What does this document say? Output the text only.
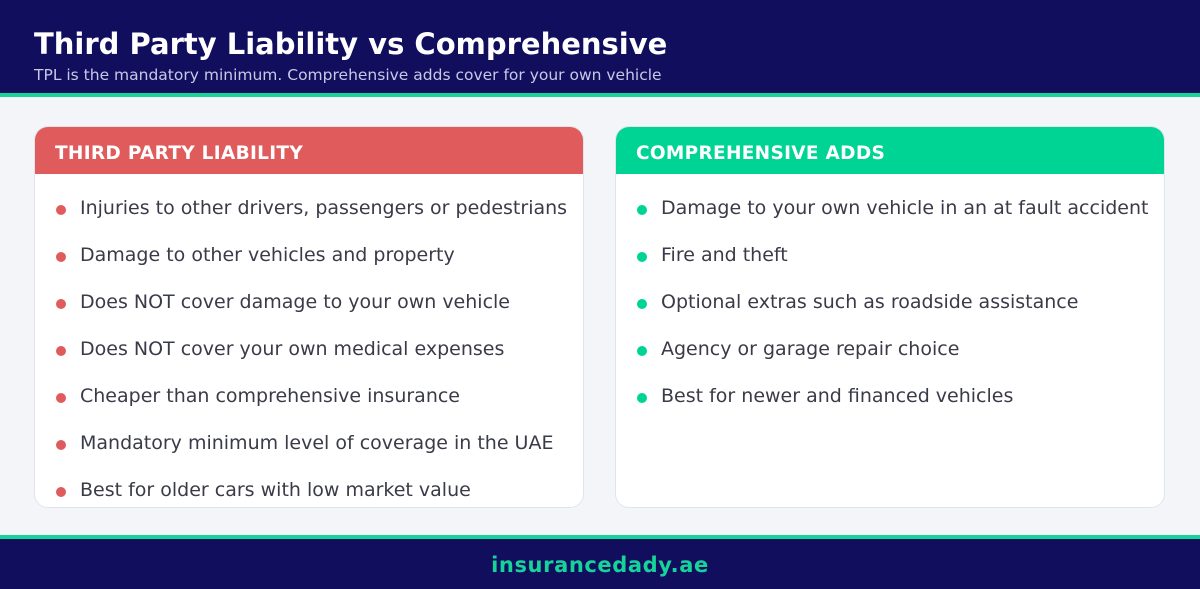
Third Party Liability vs Comprehensive
TPL is the mandatory minimum. Comprehensive adds cover for your own vehicle
THIRD PARTY LIABILITY
Injuries to other drivers, passengers or pedestrians
Damage to other vehicles and property
Does NOT cover damage to your own vehicle
Does NOT cover your own medical expenses
Cheaper than comprehensive insurance
Mandatory minimum level of coverage in the UAE
Best for older cars with low market value
COMPREHENSIVE ADDS
Damage to your own vehicle in an at fault accident
Fire and theft
Optional extras such as roadside assistance
Agency or garage repair choice
Best for newer and financed vehicles
insurancedady.ae
